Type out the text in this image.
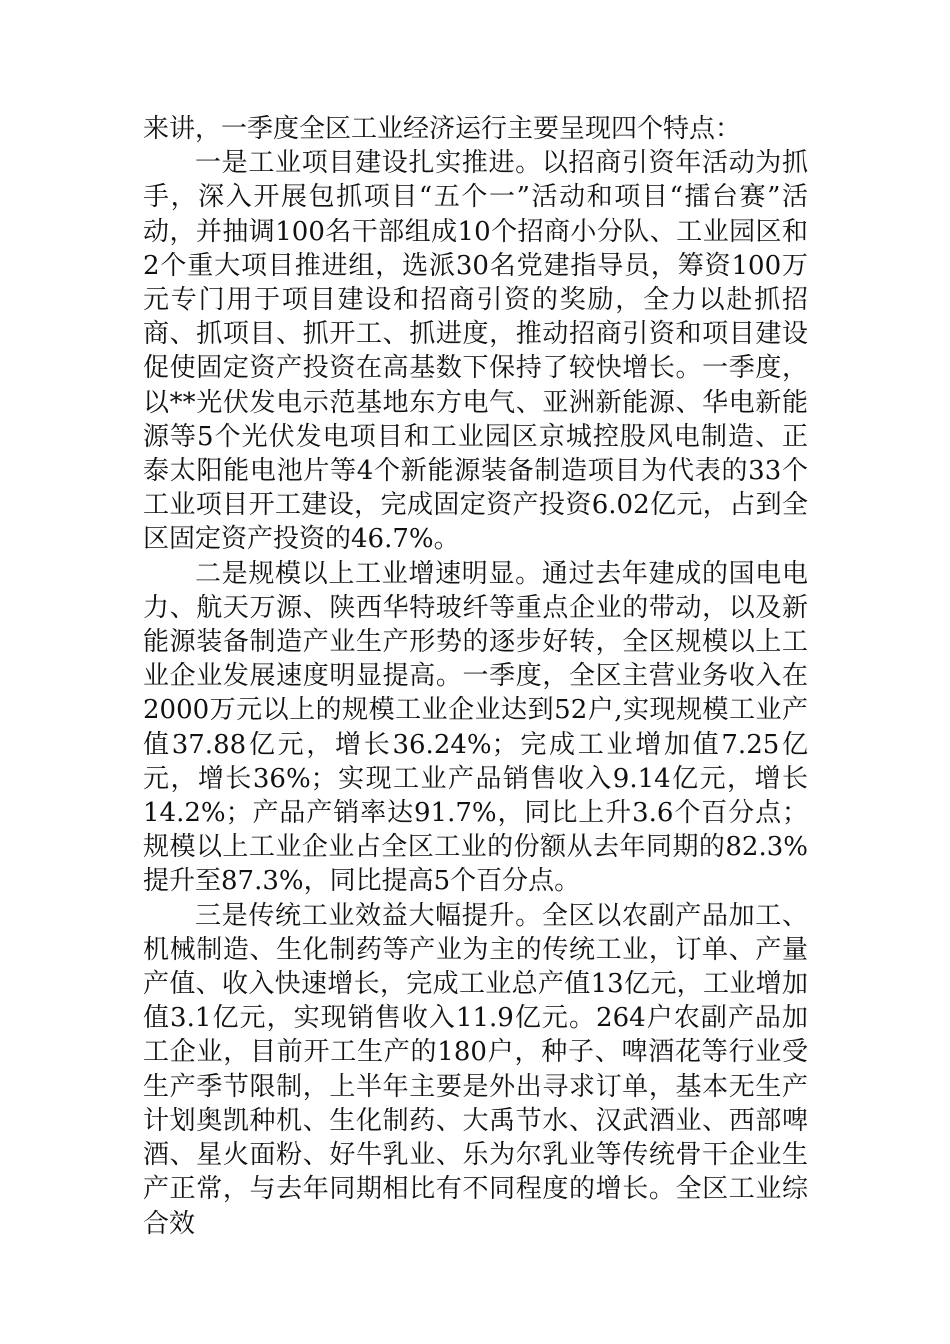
来讲，一季度全区工业经济运行主要呈现四个特点：

一是工业项目建设扎实推进。以招商引资年活动为抓手，深入开展包抓项目“五个一”活动和项目“擂台赛”活动，并抽调100名干部组成10个招商小分队、工业园区和2个重大项目推进组，选派30名党建指导员，筹资100万元专门用于项目建设和招商引资的奖励，全力以赴抓招商、抓项目、抓开工、抓进度，推动招商引资和项目建设促使固定资产投资在高基数下保持了较快增长。一季度，以**光伏发电示范基地东方电气、亚洲新能源、华电新能源等5个光伏发电项目和工业园区京城控股风电制造、正泰太阳能电池片等4个新能源装备制造项目为代表的33个工业项目开工建设，完成固定资产投资6.02亿元，占到全区固定资产投资的46.7%。

二是规模以上工业增速明显。通过去年建成的国电电力、航天万源、陕西华特玻纤等重点企业的带动，以及新能源装备制造产业生产形势的逐步好转，全区规模以上工业企业发展速度明显提高。一季度，全区主营业务收入在2000万元以上的规模工业企业达到52户,实现规模工业产值37.88亿元，增长36.24%；完成工业增加值7.25亿元，增长36%；实现工业产品销售收入9.14亿元，增长14.2%；产品产销率达91.7%，同比上升3.6个百分点；规模以上工业企业占全区工业的份额从去年同期的82.3%提升至87.3%，同比提高5个百分点。

三是传统工业效益大幅提升。全区以农副产品加工、机械制造、生化制药等产业为主的传统工业，订单、产量产值、收入快速增长，完成工业总产值13亿元，工业增加值3.1亿元，实现销售收入11.9亿元。264户农副产品加工企业，目前开工生产的180户，种子、啤酒花等行业受生产季节限制，上半年主要是外出寻求订单，基本无生产计划奥凯种机、生化制药、大禹节水、汉武酒业、西部啤酒、星火面粉、好牛乳业、乐为尔乳业等传统骨干企业生产正常，与去年同期相比有不同程度的增长。全区工业综合效
